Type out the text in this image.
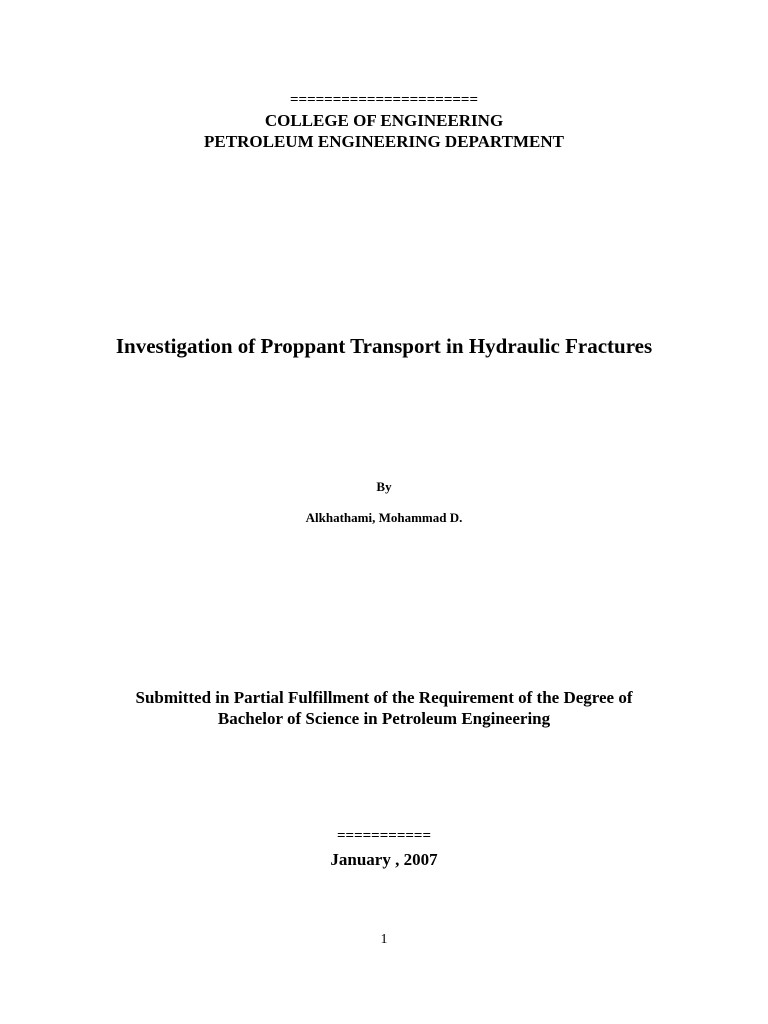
======================
COLLEGE OF ENGINEERING
PETROLEUM ENGINEERING DEPARTMENT
Investigation of Proppant Transport in Hydraulic Fractures
By
Alkhathami, Mohammad D.
Submitted in Partial Fulfillment of the Requirement of the Degree of
Bachelor of Science in Petroleum Engineering
===========
January , 2007
1
